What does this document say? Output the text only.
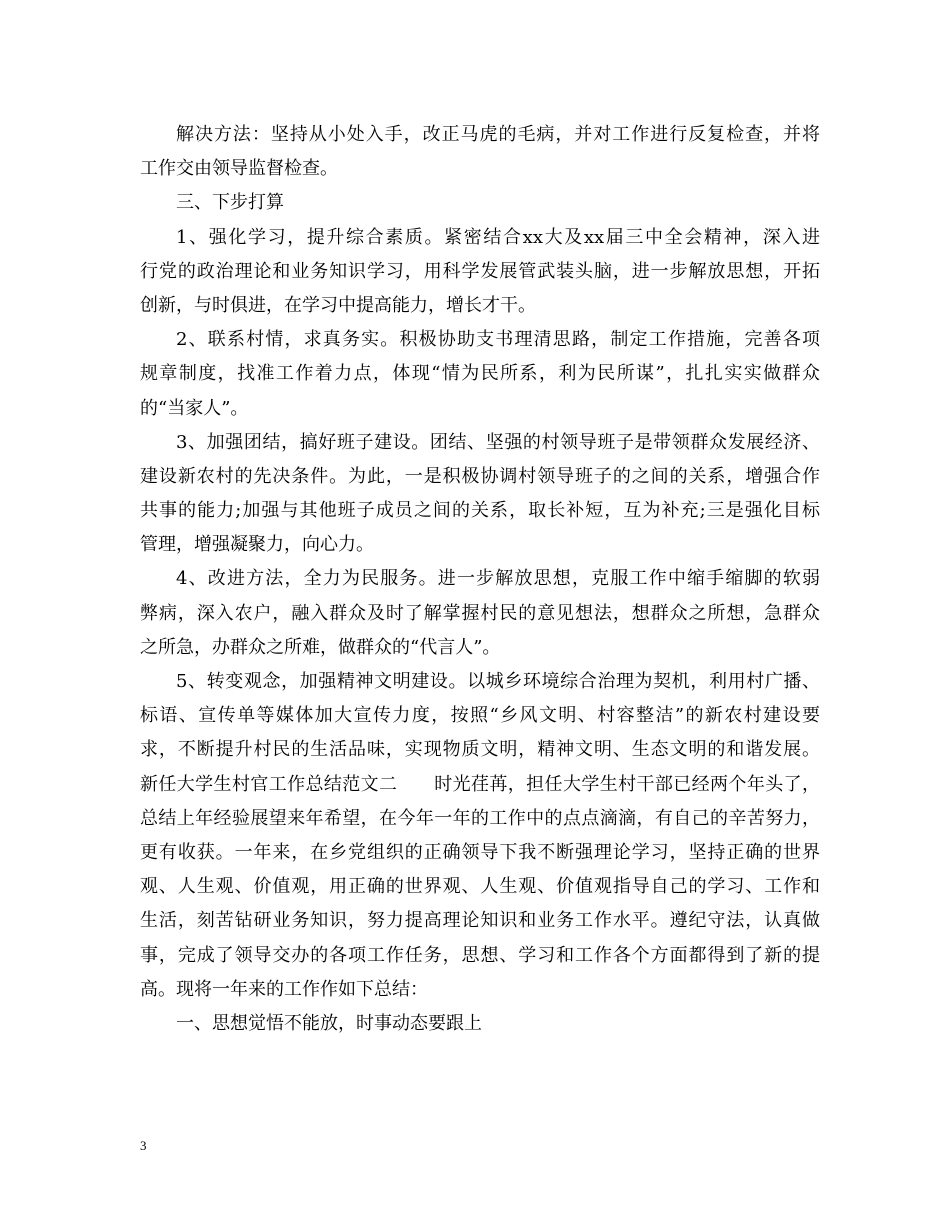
解决方法：坚持从小处入手，改正马虎的毛病，并对工作进行反复检查，并将
工作交由领导监督检查。
三、下步打算
1、强化学习，提升综合素质。紧密结合xx大及xx届三中全会精神，深入进
行党的政治理论和业务知识学习，用科学发展管武装头脑，进一步解放思想，开拓
创新，与时俱进，在学习中提高能力，增长才干。
2、联系村情，求真务实。积极协助支书理清思路，制定工作措施，完善各项
规章制度，找准工作着力点，体现“情为民所系，利为民所谋”，扎扎实实做群众
的“当家人”。
3、加强团结，搞好班子建设。团结、坚强的村领导班子是带领群众发展经济、
建设新农村的先决条件。为此，一是积极协调村领导班子的之间的关系，增强合作
共事的能力;加强与其他班子成员之间的关系，取长补短，互为补充;三是强化目标
管理，增强凝聚力，向心力。
4、改进方法，全力为民服务。进一步解放思想，克服工作中缩手缩脚的软弱
弊病，深入农户，融入群众及时了解掌握村民的意见想法，想群众之所想，急群众
之所急，办群众之所难，做群众的“代言人”。
5、转变观念，加强精神文明建设。以城乡环境综合治理为契机，利用村广播、
标语、宣传单等媒体加大宣传力度，按照“乡风文明、村容整洁”的新农村建设要
求，不断提升村民的生活品味，实现物质文明，精神文明、生态文明的和谐发展。
新任大学生村官工作总结范文二　　时光荏苒，担任大学生村干部已经两个年头了，
总结上年经验展望来年希望，在今年一年的工作中的点点滴滴，有自己的辛苦努力，
更有收获。一年来，在乡党组织的正确领导下我不断强理论学习，坚持正确的世界
观、人生观、价值观，用正确的世界观、人生观、价值观指导自己的学习、工作和
生活，刻苦钻研业务知识，努力提高理论知识和业务工作水平。遵纪守法，认真做
事，完成了领导交办的各项工作任务，思想、学习和工作各个方面都得到了新的提
高。现将一年来的工作作如下总结：
一、思想觉悟不能放，时事动态要跟上
3
